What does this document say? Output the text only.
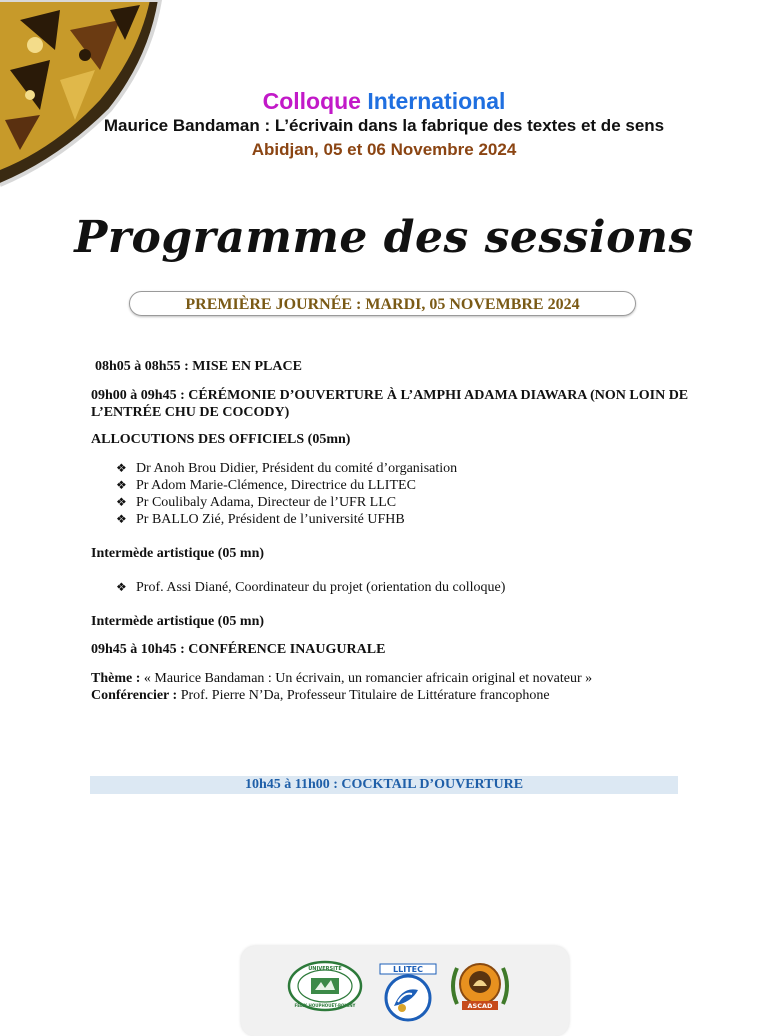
Colloque International
Maurice Bandaman : L’écrivain dans la fabrique des textes et de sens
Abidjan, 05 et 06 Novembre 2024
Programme des sessions
PREMIÈRE JOURNÉE : MARDI, 05 NOVEMBRE 2024

08h05 à 08h55 : MISE EN PLACE

09h00 à 09h45 : CÉRÉMONIE D’OUVERTURE À L’AMPHI ADAMA DIAWARA (NON LOIN DE L’ENTRÉE CHU DE COCODY)

ALLOCUTIONS DES OFFICIELS (05mn)

❖ Dr Anoh Brou Didier, Président du comité d’organisation
❖ Pr Adom Marie-Clémence, Directrice du LLITEC
❖ Pr Coulibaly Adama, Directeur de l’UFR LLC
❖ Pr BALLO Zié, Président de l’université UFHB

Intermède artistique (05 mn)

❖ Prof. Assi Diané, Coordinateur du projet (orientation du colloque)

Intermède artistique (05 mn)

09h45 à 10h45 : CONFÉRENCE INAUGURALE

Thème : « Maurice Bandaman : Un écrivain, un romancier africain original et novateur »

Conférencier : Prof. Pierre N’Da, Professeur Titulaire de Littérature francophone

10h45 à 11h00 : COCKTAIL D’OUVERTURE
UNIVERSITÉ
FÉLIX HOUPHOUËT-BOIGNY
LLITEC
ASCAD
